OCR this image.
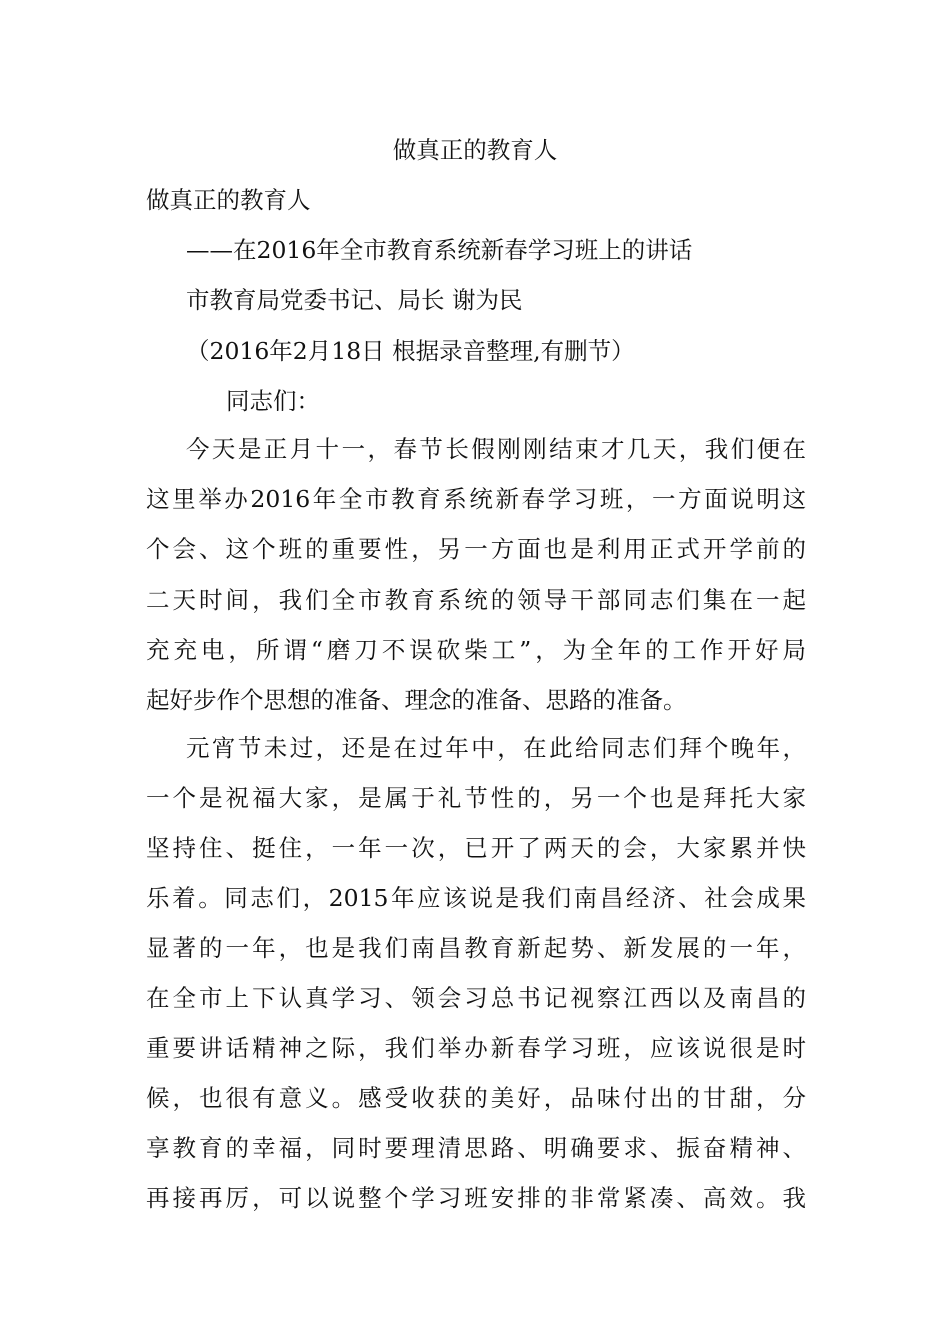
做真正的教育人
做真正的教育人
——在2016年全市教育系统新春学习班上的讲话
市教育局党委书记、局长 谢为民
（2016年2月18日 根据录音整理,有删节）
同志们：
今天是正月十一，春节长假刚刚结束才几天，我们便在
这里举办2016年全市教育系统新春学习班，一方面说明这
个会、这个班的重要性，另一方面也是利用正式开学前的
二天时间，我们全市教育系统的领导干部同志们集在一起
充充电，所谓“磨刀不误砍柴工”，为全年的工作开好局
起好步作个思想的准备、理念的准备、思路的准备。
元宵节未过，还是在过年中，在此给同志们拜个晚年，
一个是祝福大家，是属于礼节性的，另一个也是拜托大家
坚持住、挺住，一年一次，已开了两天的会，大家累并快
乐着。同志们，2015年应该说是我们南昌经济、社会成果
显著的一年，也是我们南昌教育新起势、新发展的一年，
在全市上下认真学习、领会习总书记视察江西以及南昌的
重要讲话精神之际，我们举办新春学习班，应该说很是时
候，也很有意义。感受收获的美好，品味付出的甘甜，分
享教育的幸福，同时要理清思路、明确要求、振奋精神、
再接再厉，可以说整个学习班安排的非常紧凑、高效。我
